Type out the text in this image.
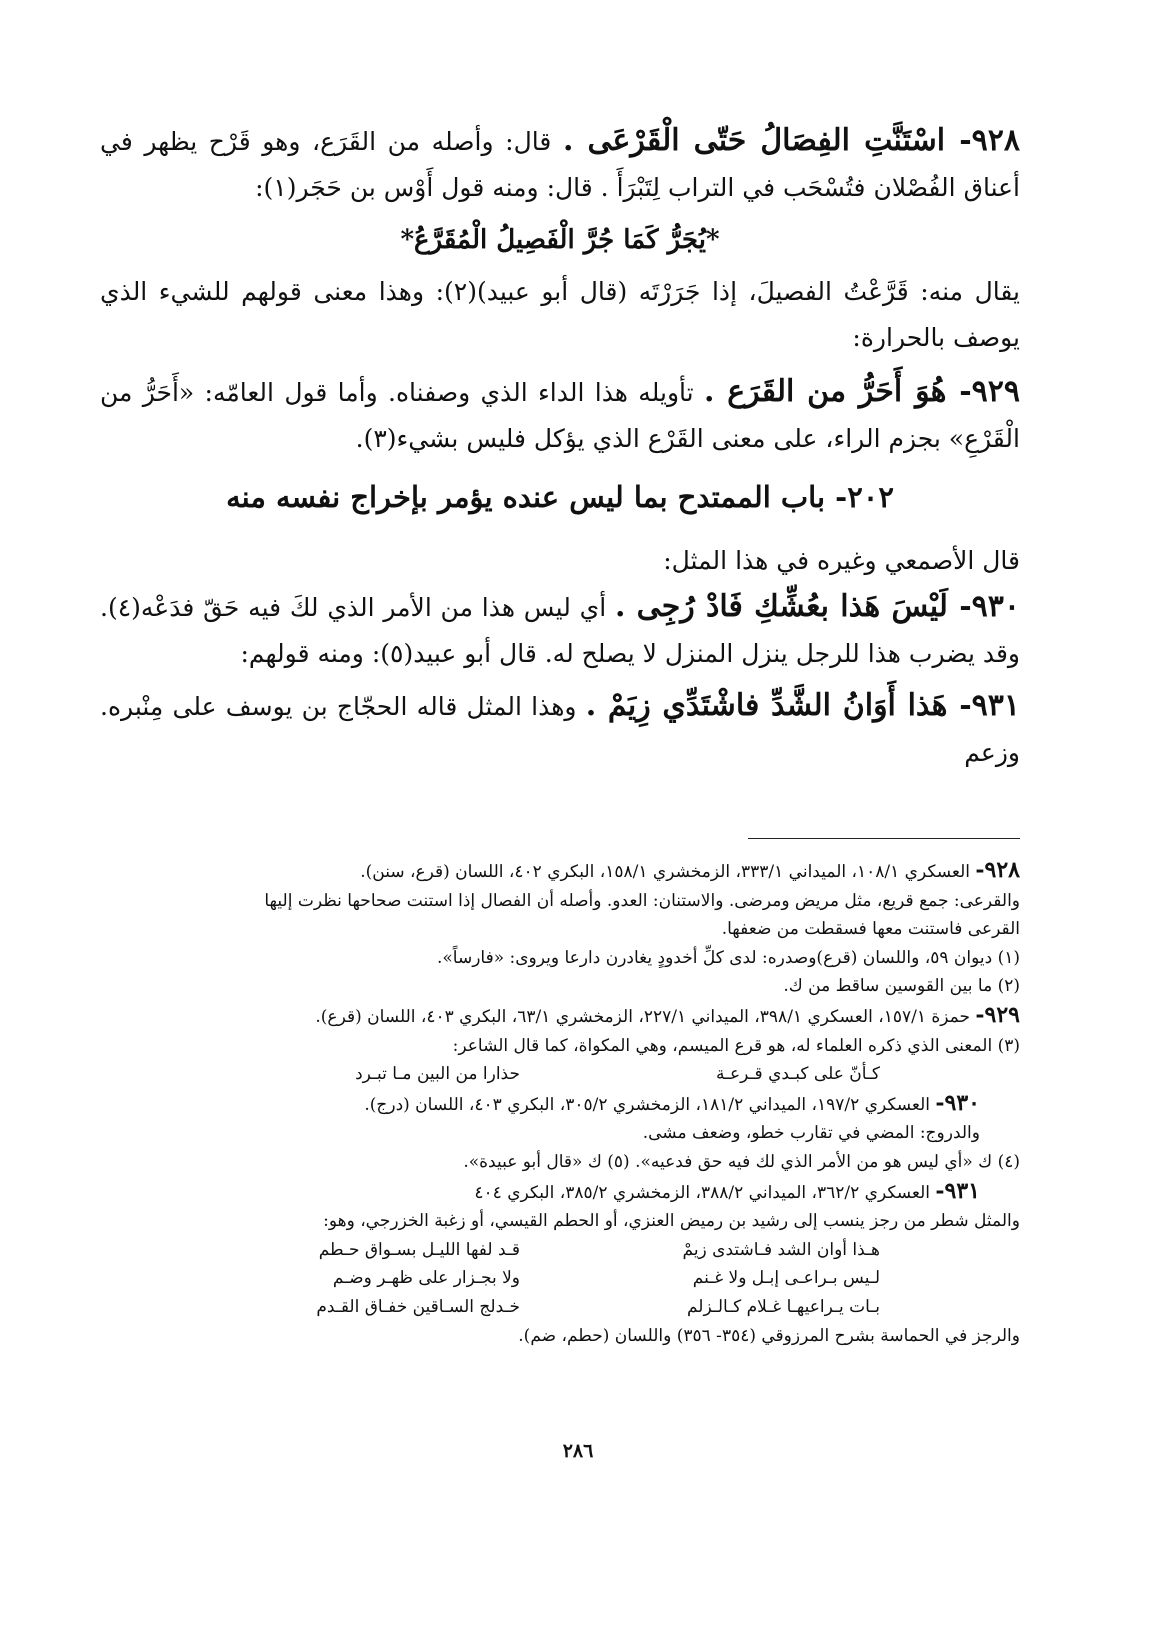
٩٢٨- اسْتَنَّتِ الفِصَالُ حَتّى الْقَرْعَى . قال: وأصله من القَرَع، وهو قَرْح يظهر في أعناق الفُصْلان فتُسْحَب في التراب لِتَبْرَأَ . قال: ومنه قول أَوْس بن حَجَر(١):

*يُجَرُّ كَمَا جُرَّ الْفَصِيلُ الْمُقَرَّعُ*

يقال منه: قَرَّعْتُ الفصيلَ، إذا جَرَرْتَه (قال أبو عبيد)(٢): وهذا معنى قولهم للشيء الذي يوصف بالحرارة:

٩٢٩- هُوَ أَحَرُّ من القَرَع . تأويله هذا الداء الذي وصفناه. وأما قول العامّه: «أَحَرُّ من الْقَرْعِ» بجزم الراء، على معنى القَرْع الذي يؤكل فليس بشيء(٣).

٢٠٢- باب الممتدح بما ليس عنده يؤمر بإخراج نفسه منه

قال الأصمعي وغيره في هذا المثل:

٩٣٠- لَيْسَ هَذا بعُشِّكِ فَادْ رُجِى . أي ليس هذا من الأمر الذي لكَ فيه حَقّ فدَعْه(٤). وقد يضرب هذا للرجل ينزل المنزل لا يصلح له. قال أبو عبيد(٥): ومنه قولهم:

٩٣١- هَذا أَوَانُ الشَّدِّ فاشْتَدِّي زِيَمْ . وهذا المثل قاله الحجّاج بن يوسف على مِنْبره. وزعم

٩٢٨- العسكري ١٠٨/١، الميداني ٣٣٣/١، الزمخشري ١٥٨/١، البكري ٤٠٢، اللسان (قرع، سنن).

والقرعى: جمع قريع، مثل مريض ومرضى. والاستنان: العدو. وأصله أن الفصال إذا استنت صحاحها نظرت إليها

القرعى فاستنت معها فسقطت من ضعفها.

(١) ديوان ٥٩، واللسان (قرع)وصدره: لدى كلِّ أخدودٍ يغادرن دارعا ويروى: «فارساً».

(٢) ما بين القوسين ساقط من ك.

٩٢٩- حمزة ١٥٧/١، العسكري ٣٩٨/١، الميداني ٢٢٧/١، الزمخشري ٦٣/١، البكري ٤٠٣، اللسان (قرع).

(٣) المعنى الذي ذكره العلماء له، هو قرع الميسم، وهي المكواة، كما قال الشاعر:

كـأنّ على كبـدي قـرعـة
حذارا من البين مـا تبـرد

٩٣٠- العسكري ١٩٧/٢، الميداني ١٨١/٢، الزمخشري ٣٠٥/٢، البكري ٤٠٣، اللسان (درج).

والدروج: المضي في تقارب خطو، وضعف مشى.

(٤) ك «أي ليس هو من الأمر الذي لك فيه حق فدعيه». (٥) ك «قال أبو عبيدة».

٩٣١- العسكري ٣٦٢/٢، الميداني ٣٨٨/٢، الزمخشري ٣٨٥/٢، البكري ٤٠٤

والمثل شطر من رجز ينسب إلى رشيد بن رميض العنزي، أو الحطم القيسي، أو زغبة الخزرجي، وهو:

هـذا أوان الشد فـاشتدى زيمْ
قـد لفها الليـل بسـواق حـطم
لـيس بـراعـى إبـل ولا غـنم
ولا بجـزار على ظهـر وضـم
بـات يـراعيهـا غـلام كـالـزلم
خـدلج السـاقين خفـاق القـدم

والرجز في الحماسة بشرح المرزوقي (٣٥٤- ٣٥٦) واللسان (حطم، ضم).

٢٨٦
